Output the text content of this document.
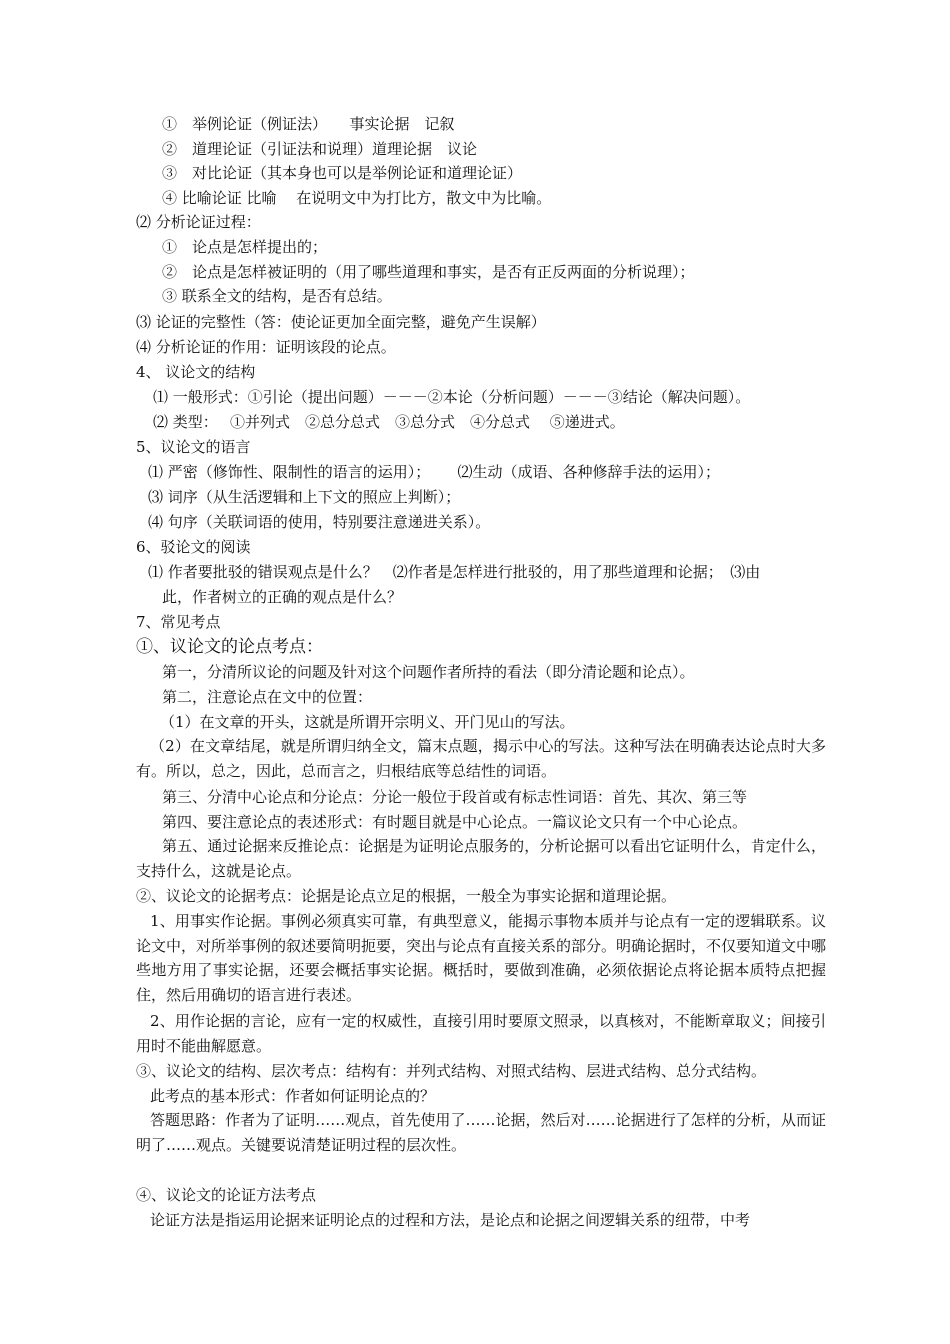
①　举例论证（例证法）　　事实论据　记叙
②　道理论证（引证法和说理）道理论据　议论
③　对比论证（其本身也可以是举例论证和道理论证）
④ 比喻论证 比喻　 在说明文中为打比方，散文中为比喻。
⑵ 分析论证过程：
①　论点是怎样提出的；
②　论点是怎样被证明的（用了哪些道理和事实，是否有正反两面的分析说理）；
③ 联系全文的结构，是否有总结。
⑶ 论证的完整性（答：使论证更加全面完整，避免产生误解）
⑷ 分析论证的作用：证明该段的论点。
4、 议论文的结构
⑴ 一般形式：①引论（提出问题）－－－②本论（分析问题）－－－③结论（解决问题）。
⑵ 类型：　 ①并列式　②总分总式　③总分式　④分总式　 ⑤递进式。
5、议论文的语言
⑴ 严密（修饰性、限制性的语言的运用）；　　 ⑵生动（成语、各种修辞手法的运用）；
⑶ 词序（从生活逻辑和上下文的照应上判断）；
⑷ 句序（关联词语的使用，特别要注意递进关系）。
6、驳论文的阅读
⑴ 作者要批驳的错误观点是什么？　⑵作者是怎样进行批驳的，用了那些道理和论据；　⑶由
此，作者树立的正确的观点是什么？
7、常见考点
①、议论文的论点考点：
第一，分清所议论的问题及针对这个问题作者所持的看法（即分清论题和论点）。
第二，注意论点在文中的位置：
（1）在文章的开头，这就是所谓开宗明义、开门见山的写法。
（2）在文章结尾，就是所谓归纳全文，篇末点题，揭示中心的写法。这种写法在明确表达论点时大多有。所以，总之，因此，总而言之，归根结底等总结性的词语。
第三、分清中心论点和分论点：分论一般位于段首或有标志性词语：首先、其次、第三等
第四、要注意论点的表述形式：有时题目就是中心论点。一篇议论文只有一个中心论点。
第五、通过论据来反推论点：论据是为证明论点服务的，分析论据可以看出它证明什么，肯定什么，支持什么，这就是论点。
②、议论文的论据考点：论据是论点立足的根据，一般全为事实论据和道理论据。
1、用事实作论据。事例必须真实可靠，有典型意义，能揭示事物本质并与论点有一定的逻辑联系。议论文中，对所举事例的叙述要简明扼要，突出与论点有直接关系的部分。明确论据时，不仅要知道文中哪些地方用了事实论据，还要会概括事实论据。概括时，要做到准确，必须依据论点将论据本质特点把握住，然后用确切的语言进行表述。
2、用作论据的言论，应有一定的权威性，直接引用时要原文照录，以真核对，不能断章取义；间接引用时不能曲解愿意。
③、议论文的结构、层次考点：结构有：并列式结构、对照式结构、层进式结构、总分式结构。
此考点的基本形式：作者如何证明论点的？
答题思路：作者为了证明……观点，首先使用了……论据，然后对……论据进行了怎样的分析，从而证明了……观点。关键要说清楚证明过程的层次性。
④、议论文的论证方法考点
论证方法是指运用论据来证明论点的过程和方法，是论点和论据之间逻辑关系的纽带，中考
